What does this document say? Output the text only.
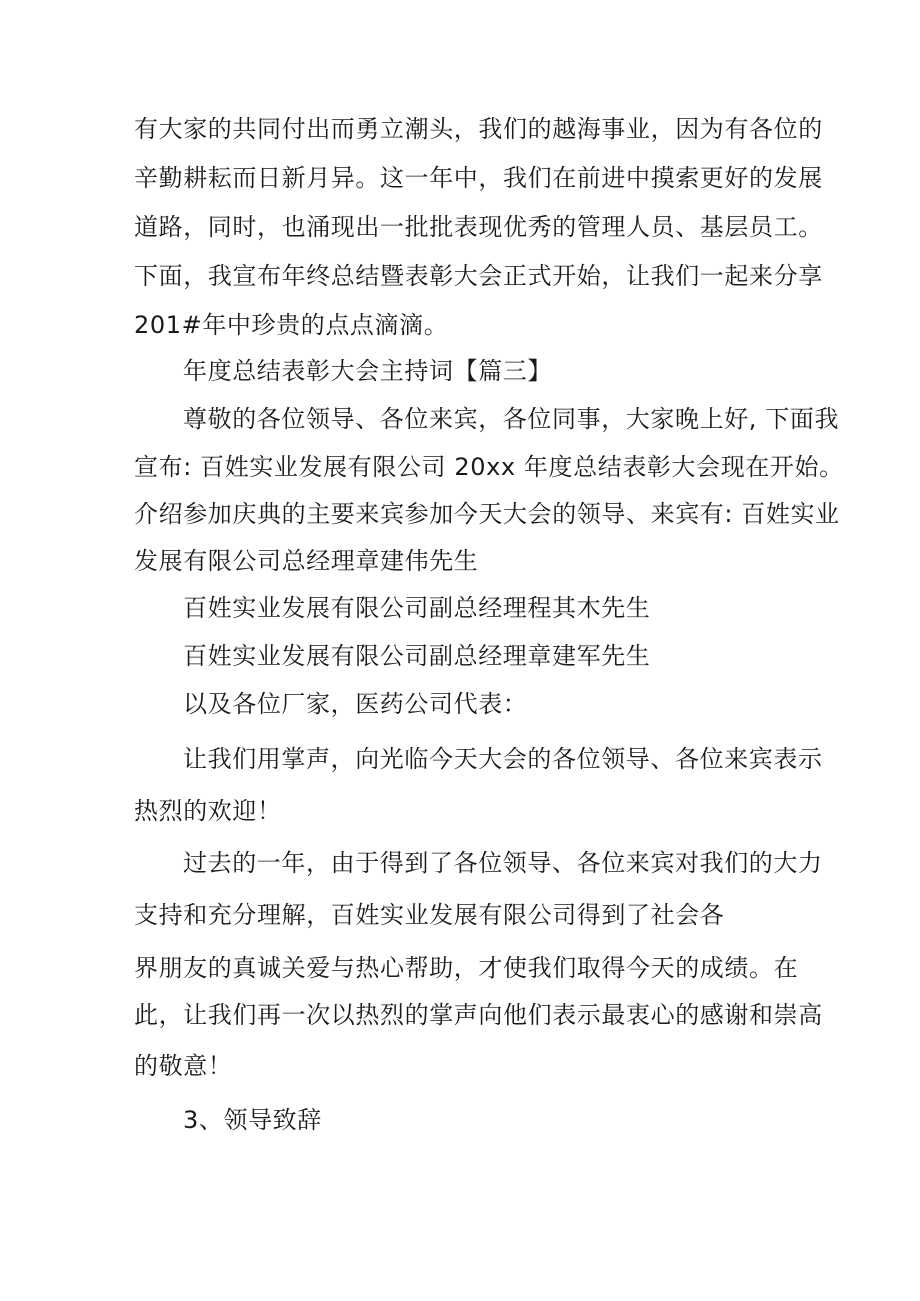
有大家的共同付出而勇立潮头，我们的越海事业，因为有各位的
辛勤耕耘而日新月异。这一年中，我们在前进中摸索更好的发展
道路，同时，也涌现出一批批表现优秀的管理人员、基层员工。
下面，我宣布年终总结暨表彰大会正式开始，让我们一起来分享
201#年中珍贵的点点滴滴。
年度总结表彰大会主持词【篇三】
尊敬的各位领导、各位来宾，各位同事，大家晚上好, 下面我
宣布: 百姓实业发展有限公司 20xx 年度总结表彰大会现在开始。
介绍参加庆典的主要来宾参加今天大会的领导、来宾有: 百姓实业
发展有限公司总经理章建伟先生
百姓实业发展有限公司副总经理程其木先生
百姓实业发展有限公司副总经理章建军先生
以及各位厂家，医药公司代表：
让我们用掌声，向光临今天大会的各位领导、各位来宾表示
热烈的欢迎！
过去的一年，由于得到了各位领导、各位来宾对我们的大力
支持和充分理解，百姓实业发展有限公司得到了社会各
界朋友的真诚关爱与热心帮助，才使我们取得今天的成绩。在
此，让我们再一次以热烈的掌声向他们表示最衷心的感谢和崇高
的敬意！
3、领导致辞
